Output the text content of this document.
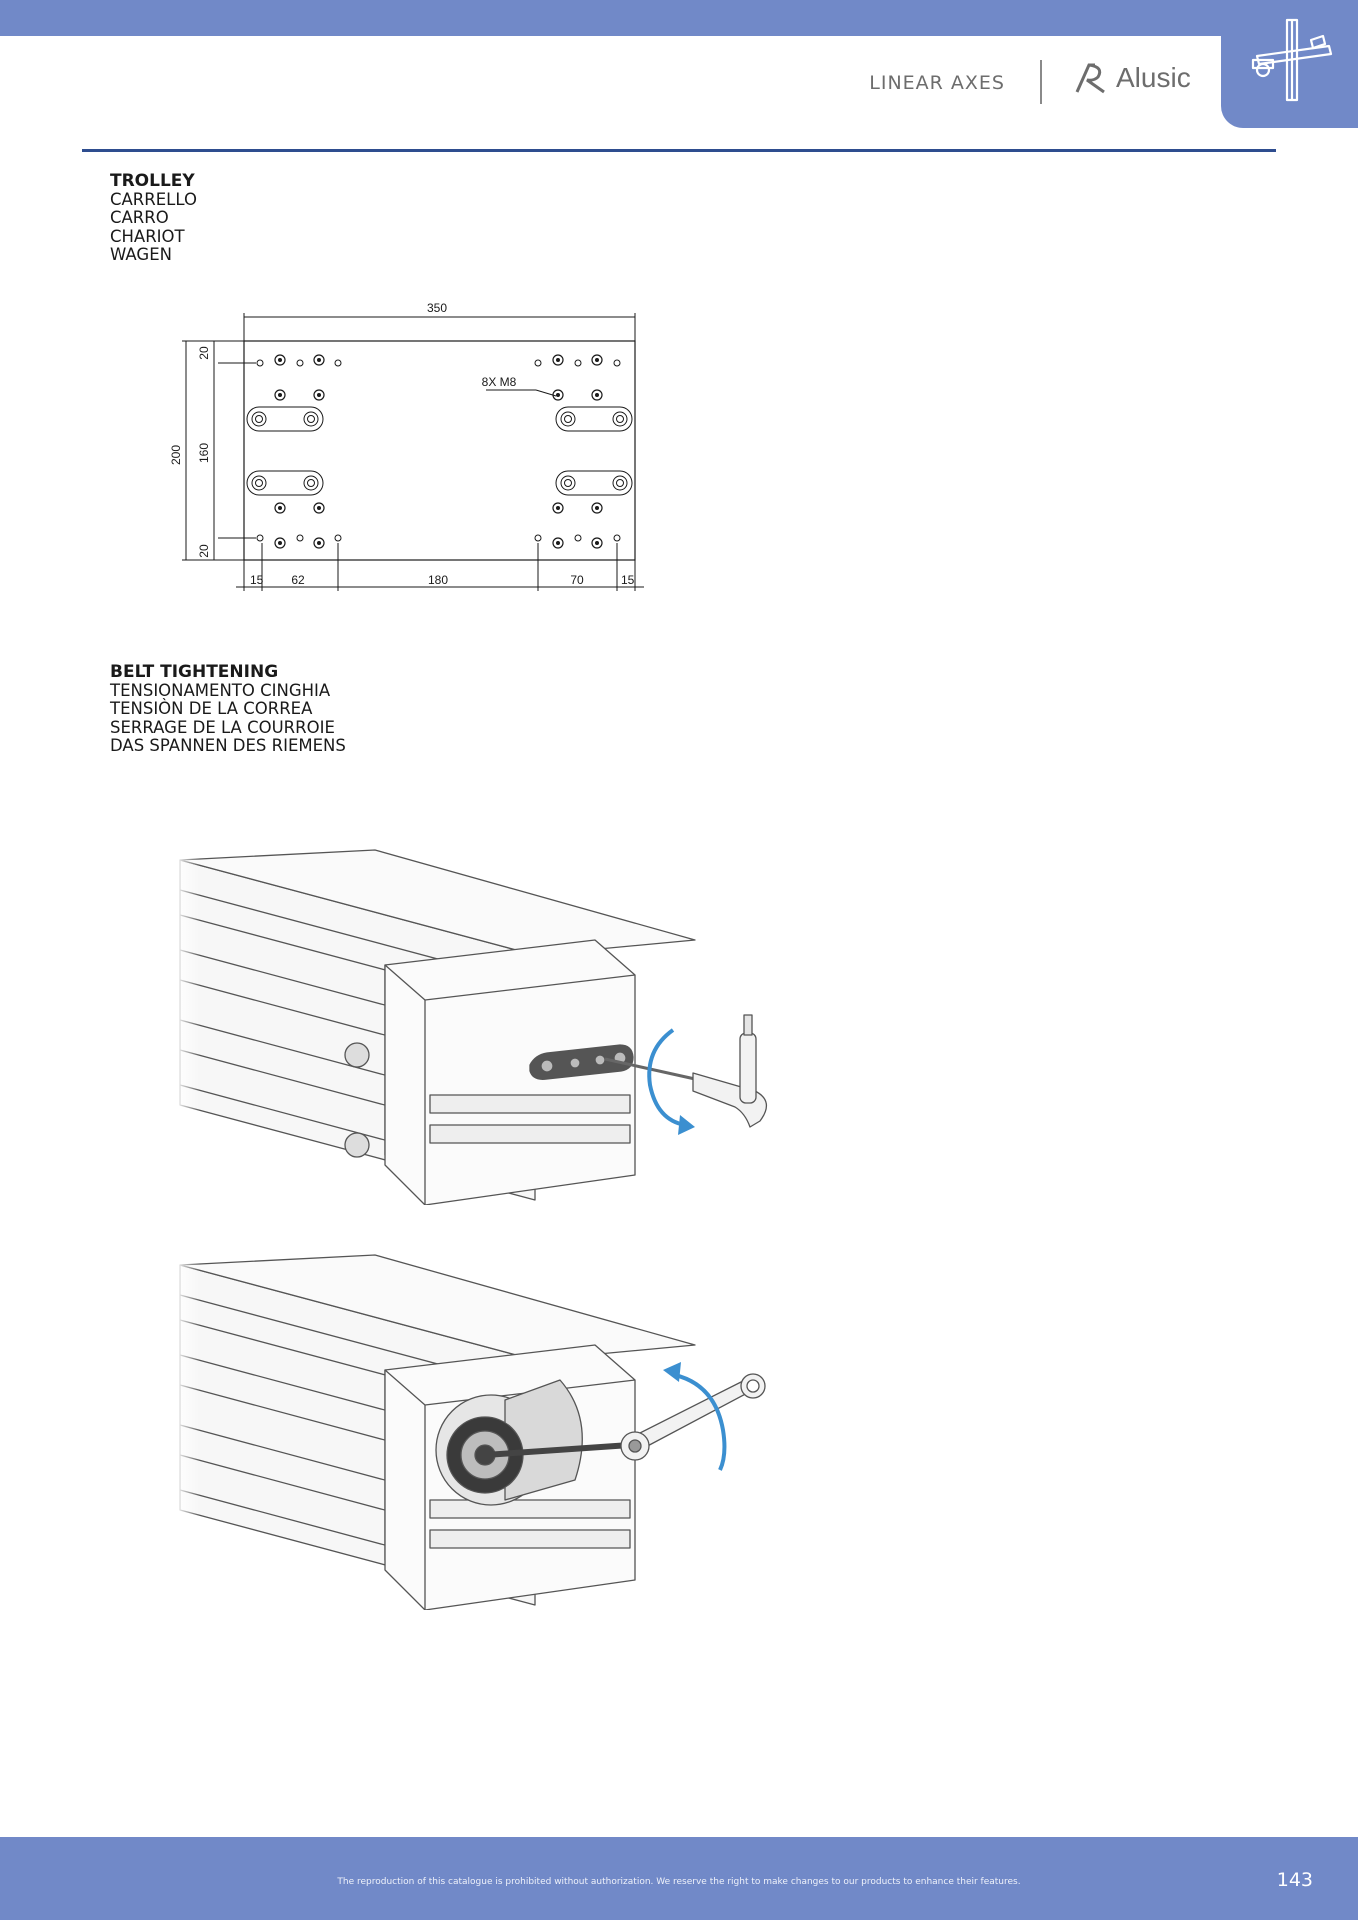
LINEAR AXES	Alusic
TROLLEY
CARRELLO
CARRO
CHARIOT
WAGEN
350
200 160
20
20
8X M8
15 62	180	70	15
BELT TIGHTENING
TENSIONAMENTO CINGHIA
TENSIÒN DE LA CORREA
SERRAGE DE LA COURROIE
DAS SPANNEN DES RIEMENS
The reproduction of this catalogue is prohibited without authorization. We reserve the right to make changes to our products to enhance their features.	143
